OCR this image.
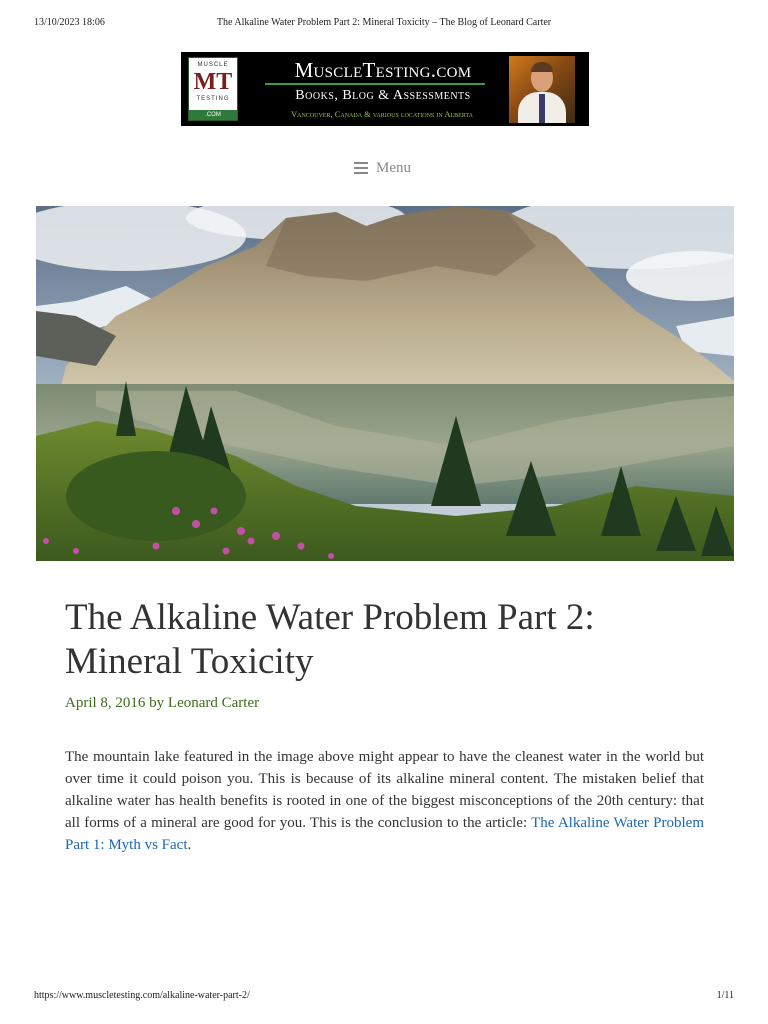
13/10/2023 18:06	The Alkaline Water Problem Part 2: Mineral Toxicity – The Blog of Leonard Carter
MUSCLE
MT
TESTING
.COM
MuscleTesting.com
Books, Blog & Assessments
Vancouver, Canada & various locations in Alberta
Menu
The Alkaline Water Problem Part 2: Mineral Toxicity
April 8, 2016 by Leonard Carter

The mountain lake featured in the image above might appear to have the cleanest water in the world but over time it could poison you. This is because of its alkaline mineral content. The mistaken belief that alkaline water has health benefits is rooted in one of the biggest misconceptions of the 20th century: that all forms of a mineral are good for you. This is the conclusion to the article: The Alkaline Water Problem Part 1: Myth vs Fact.

https://www.muscletesting.com/alkaline-water-part-2/	1/11
